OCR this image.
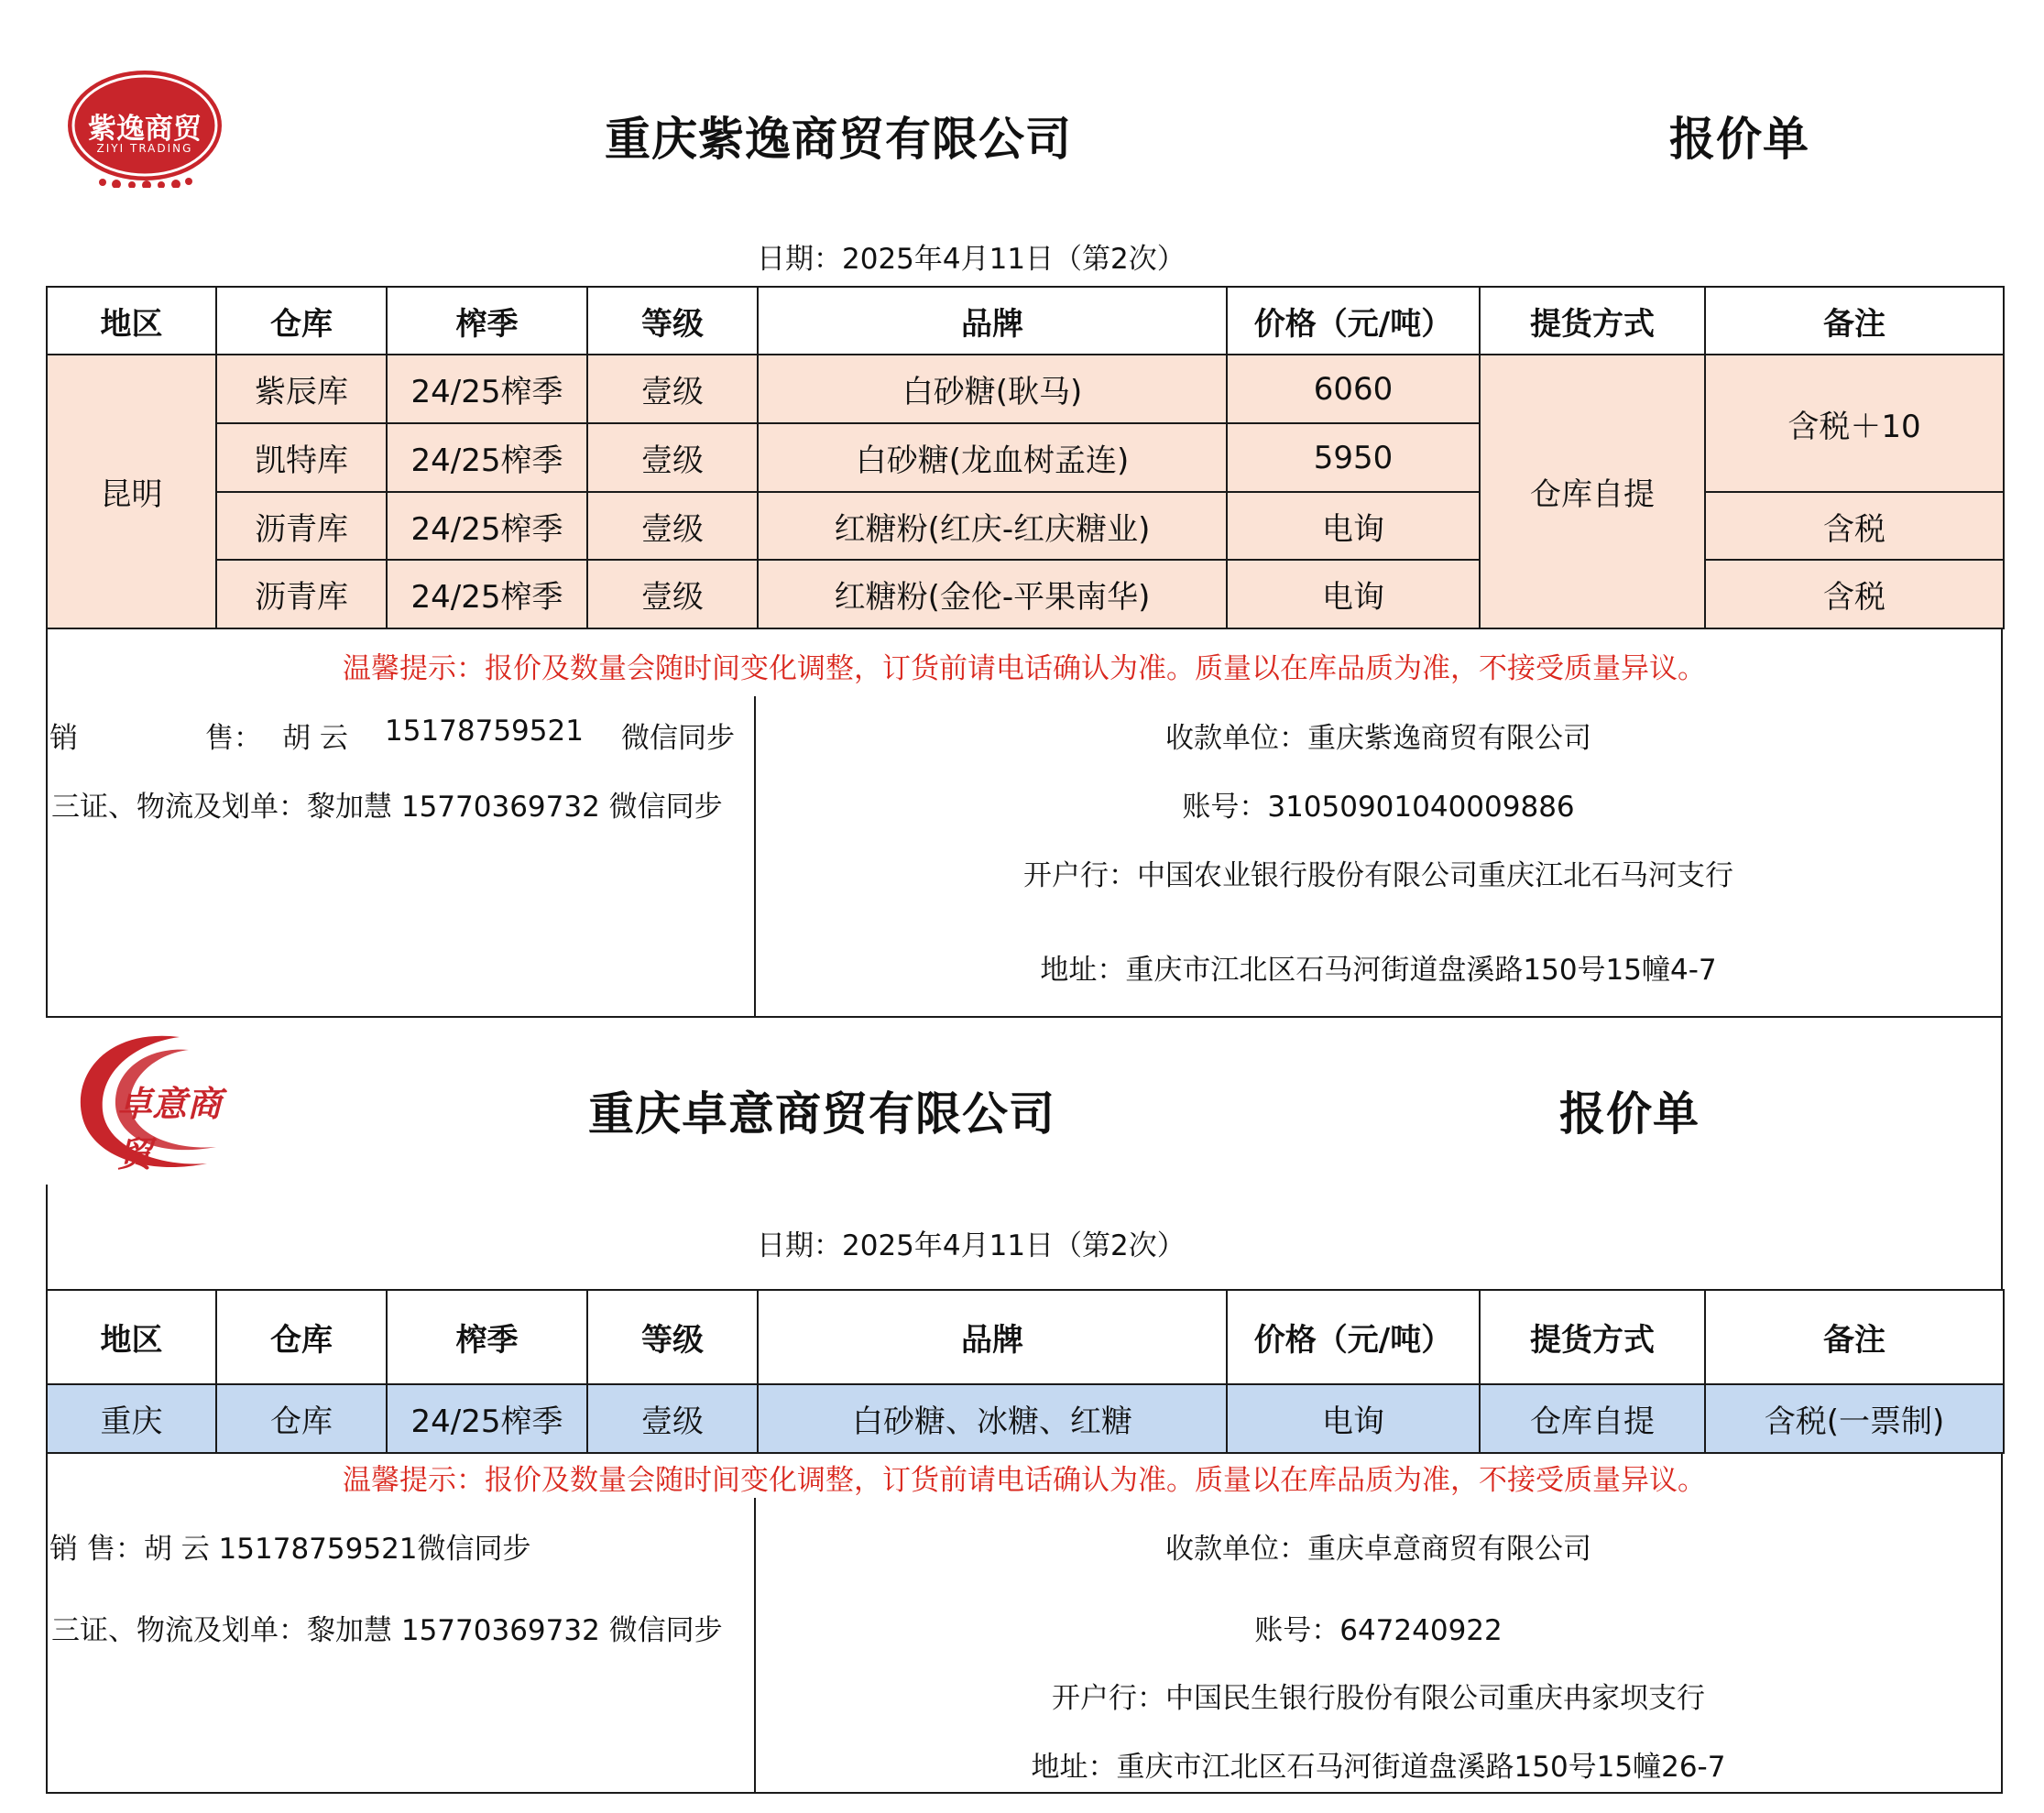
紫逸商贸
ZIYI TRADING	重庆紫逸商贸有限公司	报价单
日期：2025年4月11日（第2次）
地区	仓库	榨季	等级	品牌	价格（元/吨）	提货方式	备注
昆明	紫辰库	24/25榨季	壹级	白砂糖(耿马)	6060	仓库自提	含税＋10
	凯特库	24/25榨季	壹级	白砂糖(龙血树孟连)	5950		
	沥青库	24/25榨季	壹级	红糖粉(红庆-红庆糖业)	电询		含税
	沥青库	24/25榨季	壹级	红糖粉(金伦-平果南华)	电询		含税
温馨提示：报价及数量会随时间变化调整，订货前请电话确认为准。质量以在库品质为准，不接受质量异议。
销	售： 胡 云 15178759521 微信同步
三证、物流及划单：黎加慧 15770369732 微信同步
收款单位：重庆紫逸商贸有限公司
账号：31050901040009886
开户行：中国农业银行股份有限公司重庆江北石马河支行
地址：重庆市江北区石马河街道盘溪路150号15幢4-7
卓意商贸
重庆卓意商贸有限公司	报价单
日期：2025年4月11日（第2次）
地区	仓库	榨季	等级	品牌	价格（元/吨）	提货方式	备注
重庆	仓库	24/25榨季	壹级	白砂糖、冰糖、红糖	电询	仓库自提	含税(一票制)
温馨提示：报价及数量会随时间变化调整，订货前请电话确认为准。质量以在库品质为准，不接受质量异议。
销 售：胡 云 15178759521微信同步
三证、物流及划单：黎加慧 15770369732 微信同步
收款单位：重庆卓意商贸有限公司
账号：647240922
开户行：中国民生银行股份有限公司重庆冉家坝支行
地址：重庆市江北区石马河街道盘溪路150号15幢26-7
